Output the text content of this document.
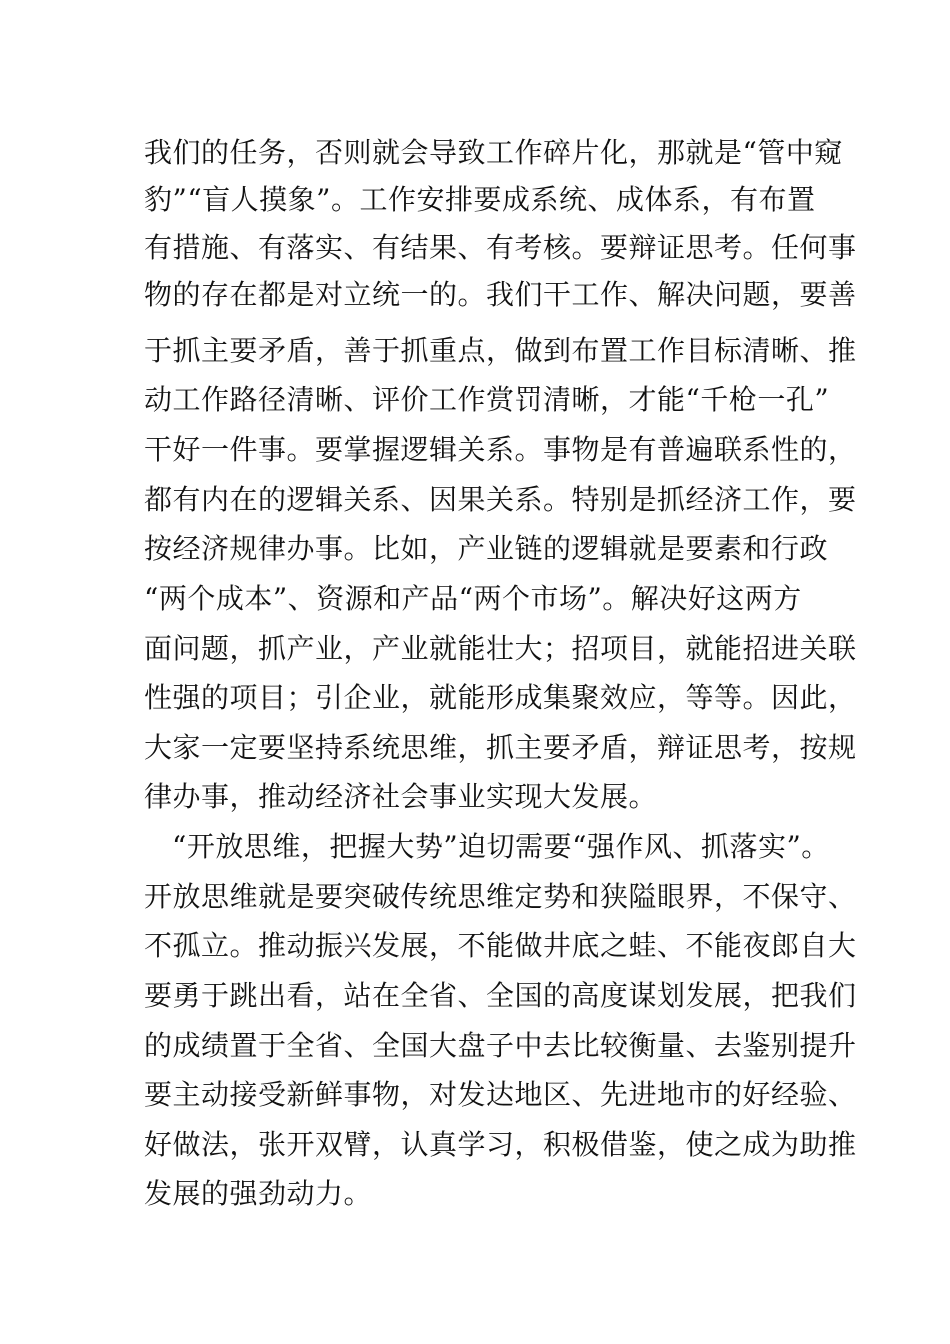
我们的任务，否则就会导致工作碎片化，那就是“管中窥
豹”“盲人摸象”。工作安排要成系统、成体系，有布置
有措施、有落实、有结果、有考核。要辩证思考。任何事
物的存在都是对立统一的。我们干工作、解决问题，要善
于抓主要矛盾，善于抓重点，做到布置工作目标清晰、推
动工作路径清晰、评价工作赏罚清晰，才能“千枪一孔”
干好一件事。要掌握逻辑关系。事物是有普遍联系性的，
都有内在的逻辑关系、因果关系。特别是抓经济工作，要
按经济规律办事。比如，产业链的逻辑就是要素和行政
“两个成本”、资源和产品“两个市场”。解决好这两方
面问题，抓产业，产业就能壮大；招项目，就能招进关联
性强的项目；引企业，就能形成集聚效应，等等。因此，
大家一定要坚持系统思维，抓主要矛盾，辩证思考，按规
律办事，推动经济社会事业实现大发展。
“开放思维，把握大势”迫切需要“强作风、抓落实”。
开放思维就是要突破传统思维定势和狭隘眼界，不保守、
不孤立。推动振兴发展，不能做井底之蛙、不能夜郎自大
要勇于跳出看，站在全省、全国的高度谋划发展，把我们
的成绩置于全省、全国大盘子中去比较衡量、去鉴别提升
要主动接受新鲜事物，对发达地区、先进地市的好经验、
好做法，张开双臂，认真学习，积极借鉴，使之成为助推
发展的强劲动力。
